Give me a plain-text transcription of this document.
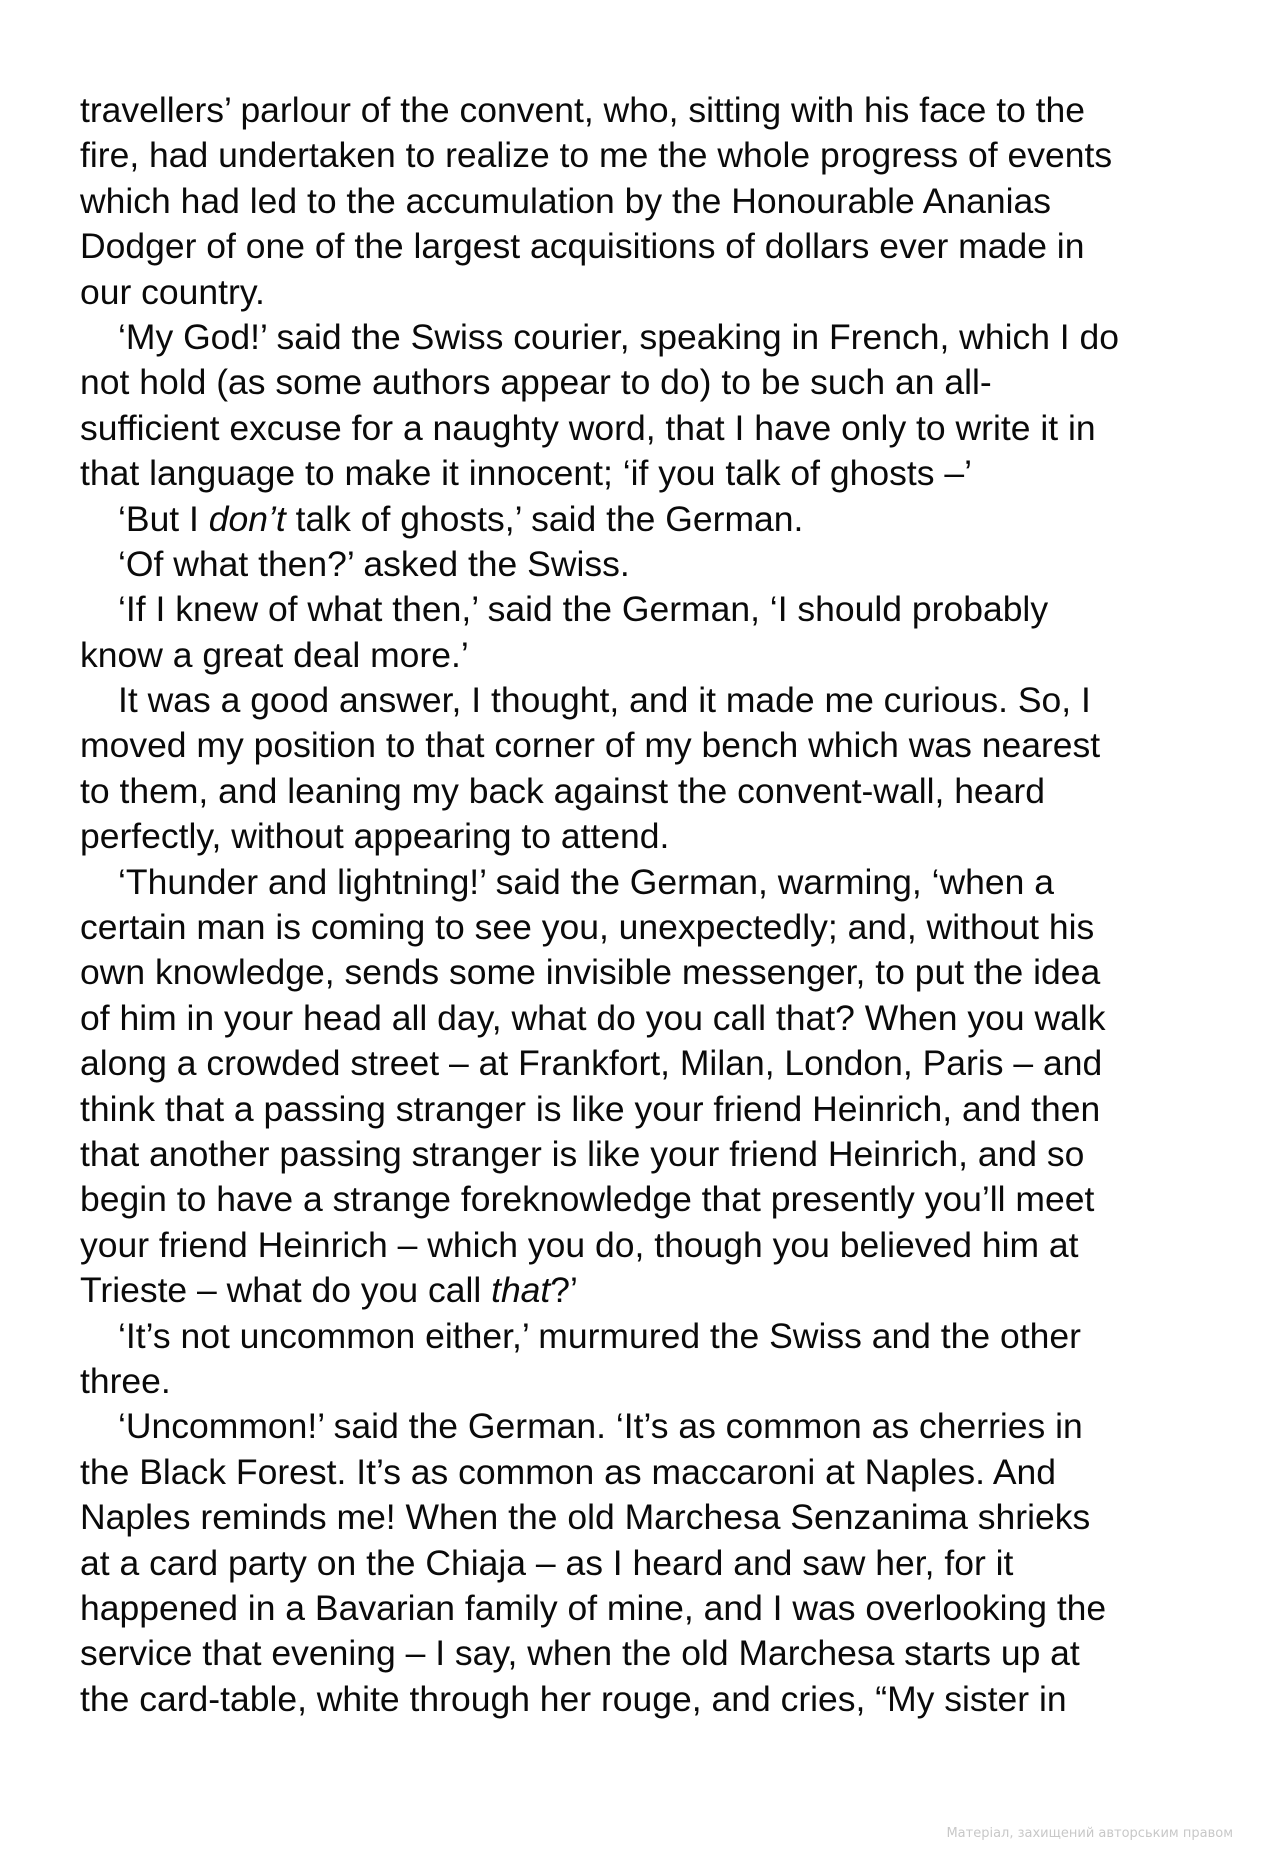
travellers’ parlour of the convent, who, sitting with his face to the
fire, had undertaken to realize to me the whole progress of events
which had led to the accumulation by the Honourable Ananias
Dodger of one of the largest acquisitions of dollars ever made in
our country.
‘My God!’ said the Swiss courier, speaking in French, which I do
not hold (as some authors appear to do) to be such an all-
sufficient excuse for a naughty word, that I have only to write it in
that language to make it innocent; ‘if you talk of ghosts –’
‘But I don’t talk of ghosts,’ said the German.
‘Of what then?’ asked the Swiss.
‘If I knew of what then,’ said the German, ‘I should probably
know a great deal more.’
It was a good answer, I thought, and it made me curious. So, I
moved my position to that corner of my bench which was nearest
to them, and leaning my back against the convent-wall, heard
perfectly, without appearing to attend.
‘Thunder and lightning!’ said the German, warming, ‘when a
certain man is coming to see you, unexpectedly; and, without his
own knowledge, sends some invisible messenger, to put the idea
of him in your head all day, what do you call that? When you walk
along a crowded street – at Frankfort, Milan, London, Paris – and
think that a passing stranger is like your friend Heinrich, and then
that another passing stranger is like your friend Heinrich, and so
begin to have a strange foreknowledge that presently you’ll meet
your friend Heinrich – which you do, though you believed him at
Trieste – what do you call that?’
‘It’s not uncommon either,’ murmured the Swiss and the other
three.
‘Uncommon!’ said the German. ‘It’s as common as cherries in
the Black Forest. It’s as common as maccaroni at Naples. And
Naples reminds me! When the old Marchesa Senzanima shrieks
at a card party on the Chiaja – as I heard and saw her, for it
happened in a Bavarian family of mine, and I was overlooking the
service that evening – I say, when the old Marchesa starts up at
the card-table, white through her rouge, and cries, “My sister in
Матеріал, захищений авторським правом
